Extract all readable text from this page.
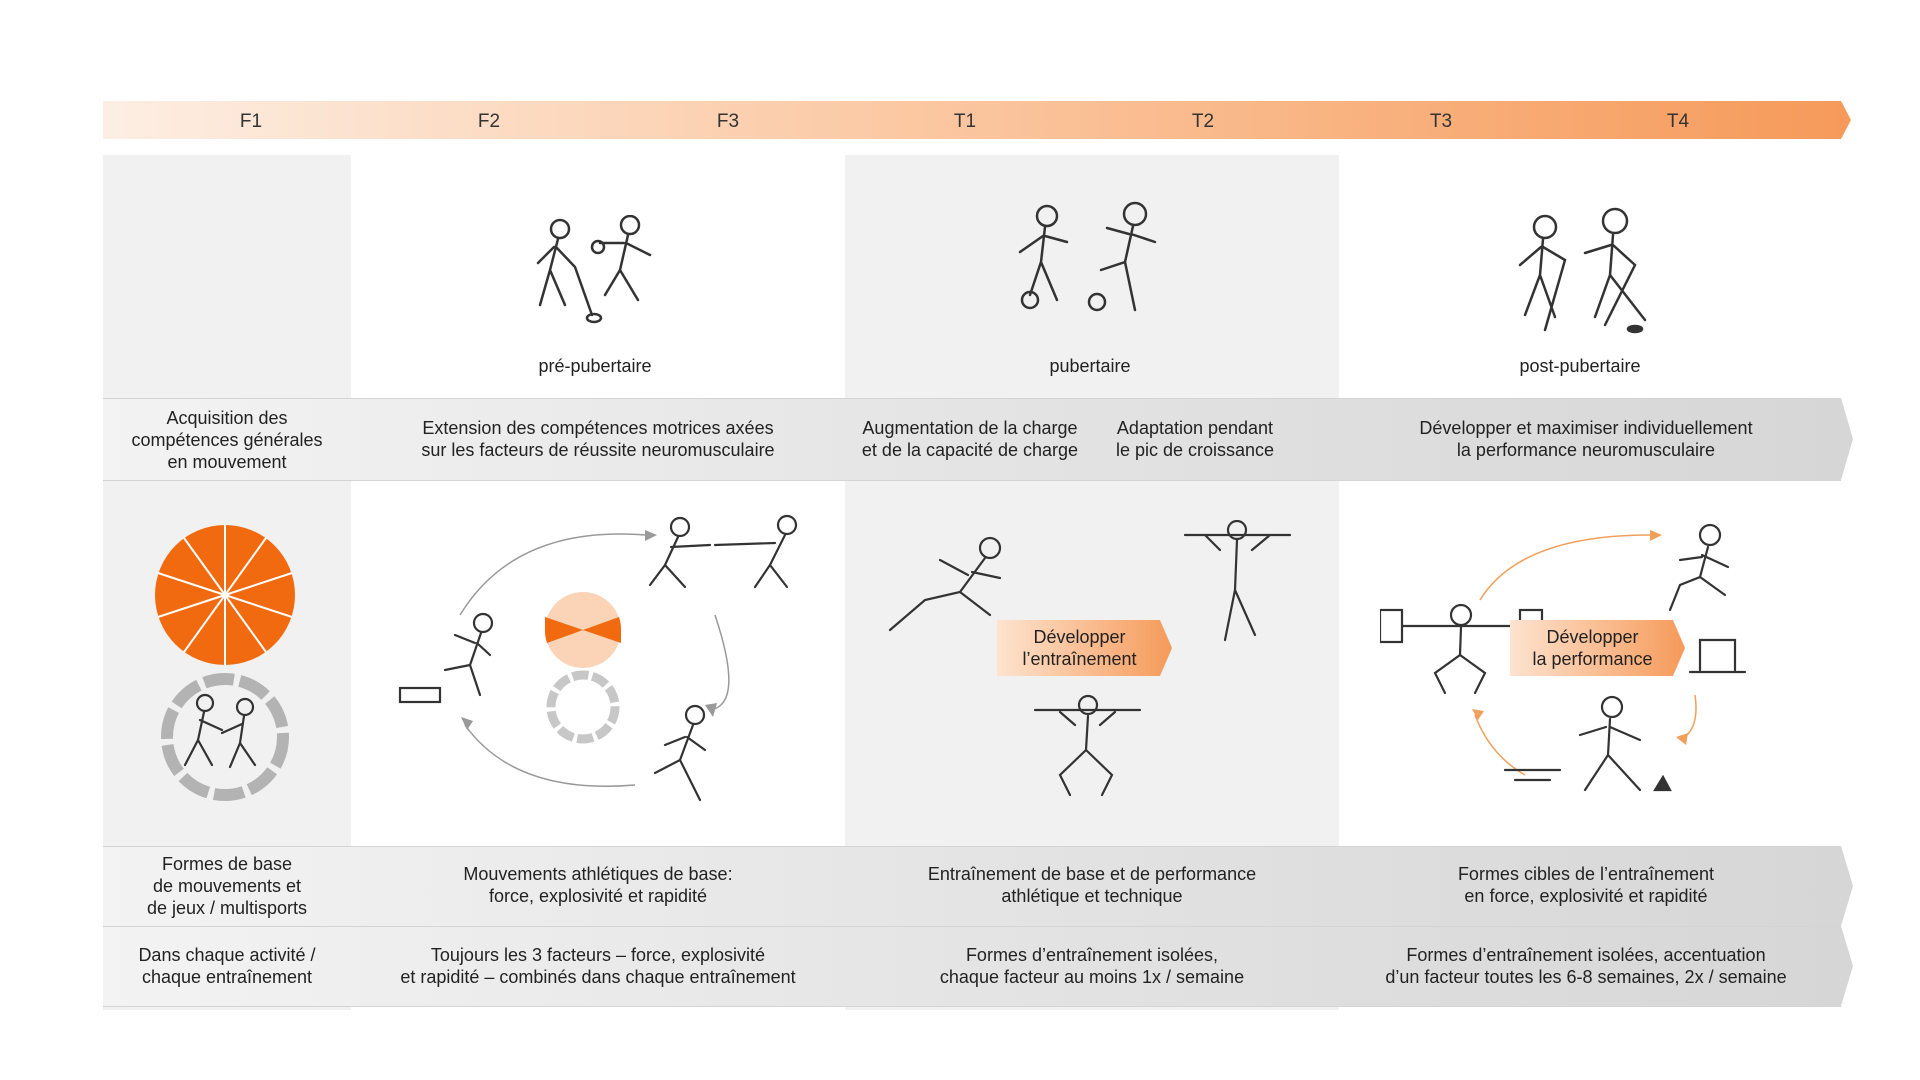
F1	F2	F3	T1	T2	T3	T4
pré-pubertaire	pubertaire	post-pubertaire
Acquisition des
compétences générales
en mouvement
Extension des compétences motrices axées
sur les facteurs de réussite neuromusculaire
Augmentation de la charge
et de la capacité de charge
Adaptation pendant
le pic de croissance
Développer et maximiser individuellement
la performance neuromusculaire
Développer
l’entraînement
Développer
la performance
Formes de base
de mouvements et
de jeux / multisports
Mouvements athlétiques de base:
force, explosivité et rapidité
Entraînement de base et de performance
athlétique et technique
Formes cibles de l’entraînement
en force, explosivité et rapidité
Dans chaque activité /
chaque entraînement
Toujours les 3 facteurs – force, explosivité
et rapidité – combinés dans chaque entraînement
Formes d’entraînement isolées,
chaque facteur au moins 1x / semaine
Formes d’entraînement isolées, accentuation
d’un facteur toutes les 6-8 semaines, 2x / semaine
